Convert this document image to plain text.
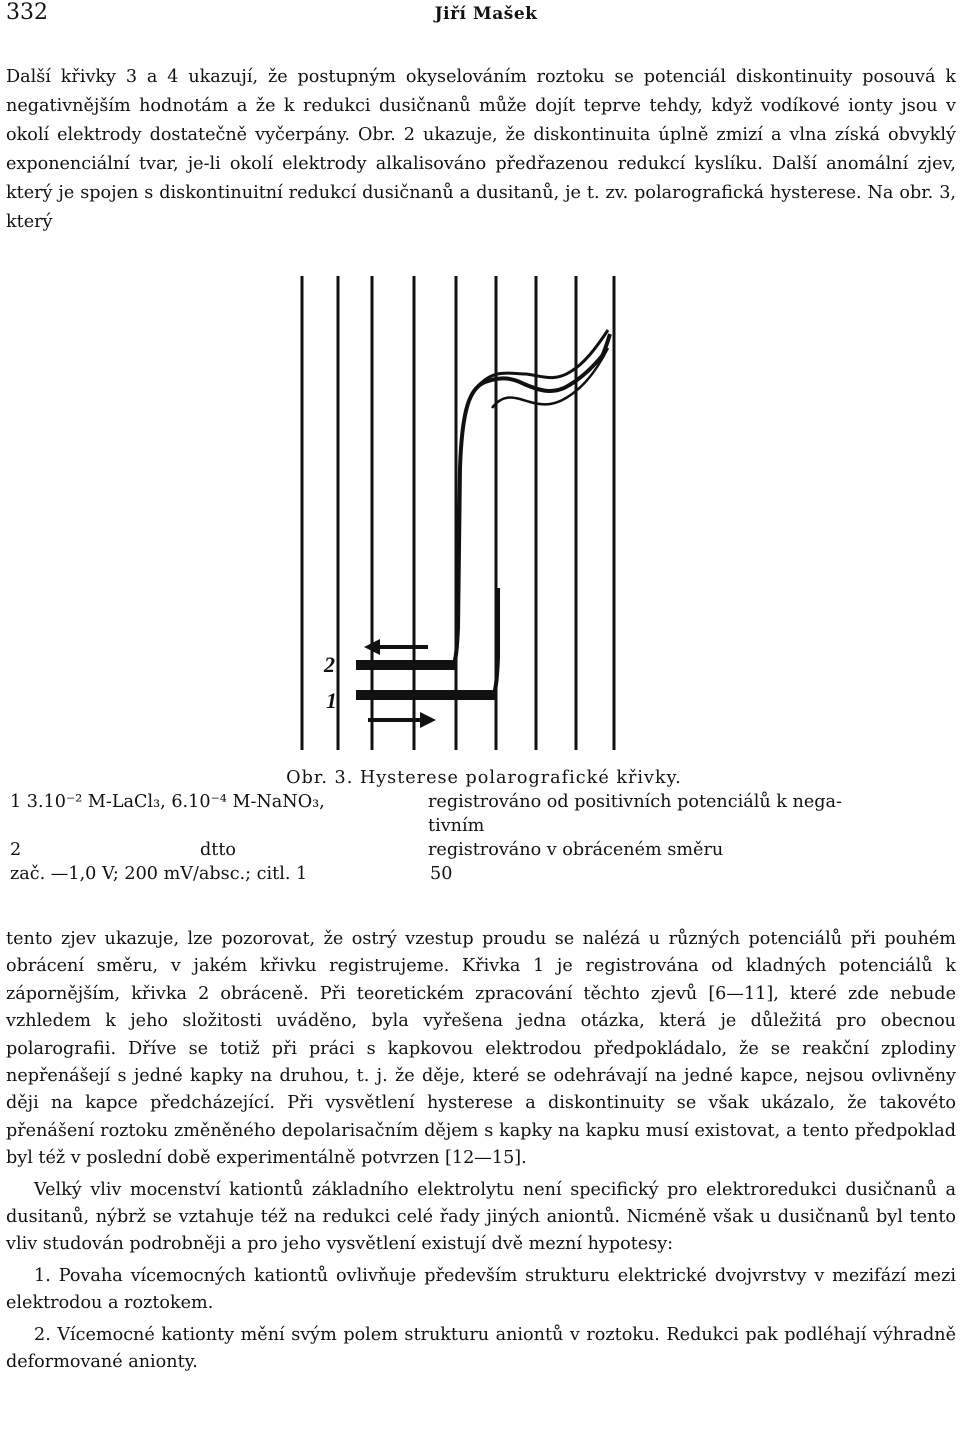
332	Jiří Mašek

Další křivky 3 a 4 ukazují, že postupným okyselováním roztoku se potenciál diskontinuity posouvá k negativnějším hodnotám a že k redukci dusičnanů může dojít teprve tehdy, když vodíkové ionty jsou v okolí elektrody dostatečně vyčerpány. Obr. 2 ukazuje, že diskontinuita úplně zmizí a vlna získá obvyklý exponenciální tvar, je-li okolí elektrody alkalisováno předřazenou redukcí kyslíku. Další anomální zjev, který je spojen s diskontinuitní redukcí dusičnanů a dusitanů, je t. zv. polarografická hysterese. Na obr. 3, který

2
1
Obr. 3. Hysterese polarografické křivky.
1 3.10⁻² M-LaCl₃, 6.10⁻⁴ M-NaNO₃,	registrováno od positivních potenciálů k nega-
tivním
2	dtto	registrováno v obráceném směru
zač. —1,0 V; 200 mV/absc.; citl. 1	50

tento zjev ukazuje, lze pozorovat, že ostrý vzestup proudu se nalézá u různých potenciálů při pouhém obrácení směru, v jakém křivku registrujeme. Křivka 1 je registrována od kladných potenciálů k zápornějším, křivka 2 obráceně. Při teoretickém zpracování těchto zjevů [6—11], které zde nebude vzhledem k jeho složitosti uváděno, byla vyřešena jedna otázka, která je důležitá pro obecnou polarografii. Dříve se totiž při práci s kapkovou elektrodou předpokládalo, že se reakční zplodiny nepřenášejí s jedné kapky na druhou, t. j. že děje, které se odehrávají na jedné kapce, nejsou ovlivněny ději na kapce předcházející. Při vysvětlení hysterese a diskontinuity se však ukázalo, že takovéto přenášení roztoku změněného depolarisačním dějem s kapky na kapku musí existovat, a tento předpoklad byl též v poslední době experimentálně potvrzen [12—15].

Velký vliv mocenství kationtů základního elektrolytu není specifický pro elektroredukci dusičnanů a dusitanů, nýbrž se vztahuje též na redukci celé řady jiných aniontů. Nicméně však u dusičnanů byl tento vliv studován podrobněji a pro jeho vysvětlení existují dvě mezní hypotesy:

1. Povaha vícemocných kationtů ovlivňuje především strukturu elektrické dvojvrstvy v mezifází mezi elektrodou a roztokem.

2. Vícemocné kationty mění svým polem strukturu aniontů v roztoku. Redukci pak podléhají výhradně deformované anionty.
